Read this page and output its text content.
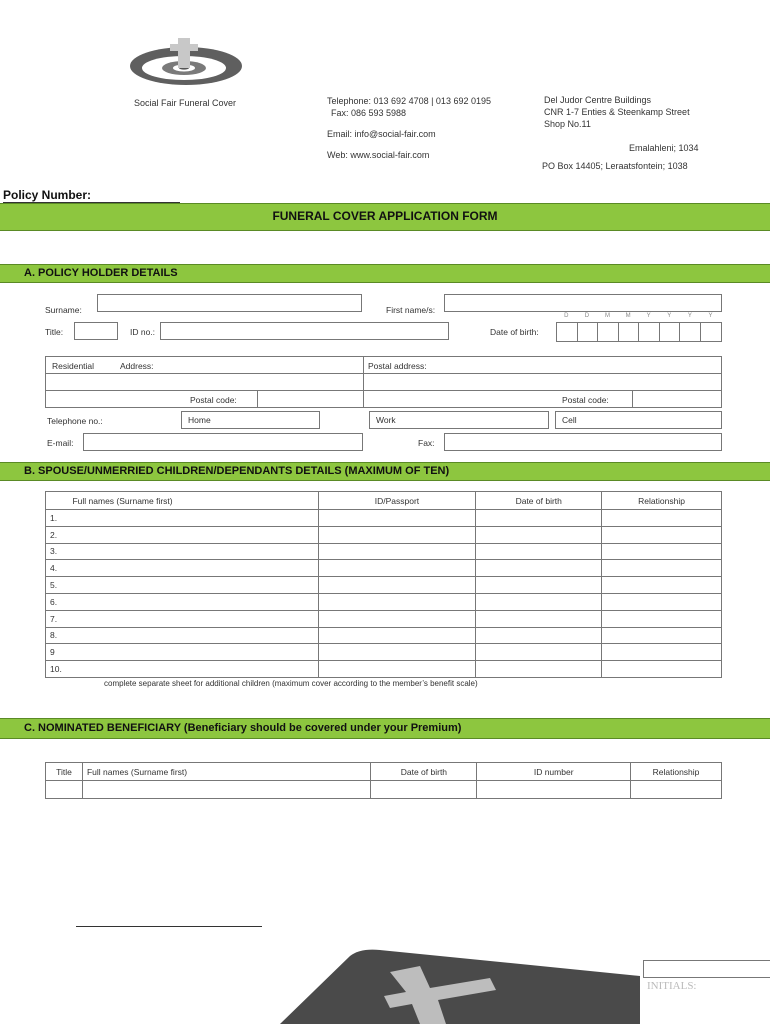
Social Fair Funeral Cover	Telephone: 013 692 4708 | 013 692 0195
Fax: 086 593 5988
Email: info@social-fair.com
Web: www.social-fair.com
Del Judor Centre Buildings
CNR 1-7 Enties & Steenkamp Street
Shop No.11
Emalahleni; 1034
PO Box 14405; Leraatsfontein; 1038
Policy Number:
FUNERAL COVER APPLICATION FORM
A. POLICY HOLDER DETAILS
Surname:	First name/s:
Title:	ID no.:	Date of birth:
D	D	M	M	Y	Y	Y	Y
Residential	Address:	Postal address:
Postal code:	Postal code:
Telephone no.:	Home	Work	Cell
E-mail:	Fax:
B. SPOUSE/UNMERRIED CHILDREN/DEPENDANTS DETAILS (MAXIMUM OF TEN)
	Full names (Surname first)	ID/Passport	Date of birth	Relationship
1.				
2.				
3.				
4.				
5.				
6.				
7.				
8.				
9				
10.				
complete separate sheet for additional children (maximum cover according to the member’s benefit scale)
C. NOMINATED BENEFICIARY (Beneficiary should be covered under your Premium)
Title	Full names (Surname first)	Date of birth	ID number	Relationship

INITIALS:
